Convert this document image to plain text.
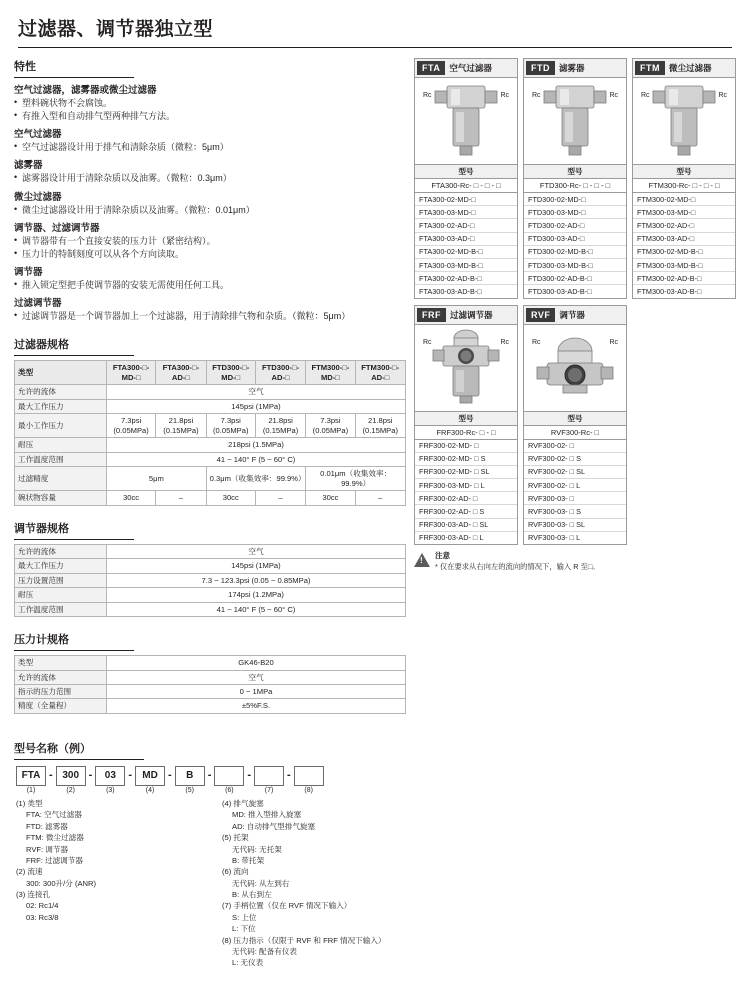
过滤器、调节器独立型
特性
空气过滤器，滤雾器或微尘过滤器
• 塑料碗状物不会腐蚀。
• 有推入型和自动排气型两种排气方法。
空气过滤器
• 空气过滤器设计用于排气和清除杂质（微粒：5μm）
滤雾器
• 滤雾器设计用于清除杂质以及油雾。（微粒：0.3μm）
微尘过滤器
• 微尘过滤器设计用于清除杂质以及油雾。（微粒：0.01μm）
调节器、过滤调节器
• 调节器带有一个直接安装的压力计（紧密结构）。
• 压力计的特制刻度可以从各个方向读取。
调节器
• 推入锁定型把手使调节器的安装无需使用任何工具。
过滤调节器
• 过滤调节器是一个调节器加上一个过滤器，用于清除排气物和杂质。（微粒：5μm）
过滤器规格
类型	FTA300-□-MD-□	FTA300-□-AD-□	FTD300-□-MD-□	FTD300-□-AD-□	FTM300-□-MD-□	FTM300-□-AD-□
允许的流体	空气					
最大工作压力	145psi (1MPa)					
最小工作压力	7.3psi (0.05MPa)	21.8psi (0.15MPa)	7.3psi (0.05MPa)	21.8psi (0.15MPa)	7.3psi (0.05MPa)	21.8psi (0.15MPa)
耐压	218psi (1.5MPa)					
工作温度范围	41 ~ 140° F (5 ~ 60° C)					
过滤精度	5μm		0.3μm（收集效率：99.9%）		0.01μm（收集效率：99.9%）	
碗状物容量	30cc	–	30cc	–	30cc	–
调节器规格
允许的流体	空气
最大工作压力	145psi (1MPa)
压力设置范围	7.3 ~ 123.3psi (0.05 ~ 0.85MPa)
耐压	174psi (1.2MPa)
工作温度范围	41 ~ 140° F (5 ~ 60° C)
压力计规格
类型	GK46-B20
允许的流体	空气
指示的压力范围	0 ~ 1MPa
精度（全量程）	±5%F.S.
FTA	空气过滤器
Rc	Rc
型号
FTA300-Rc- □ - □ - □
FTA300-02-MD-□
FTA300-03-MD-□
FTA300-02-AD-□
FTA300-03-AD-□
FTA300-02-MD-B-□
FTA300-03-MD-B-□
FTA300-02-AD-B-□
FTA300-03-AD-B-□
FTD	滤雾器
Rc	Rc
型号
FTD300-Rc- □ - □ - □
FTD300-02-MD-□
FTD300-03-MD-□
FTD300-02-AD-□
FTD300-03-AD-□
FTD300-02-MD-B-□
FTD300-03-MD-B-□
FTD300-02-AD-B-□
FTD300-03-AD-B-□
FTM	微尘过滤器
Rc	Rc
型号
FTM300-Rc- □ - □ - □
FTM300-02-MD-□
FTM300-03-MD-□
FTM300-02-AD-□
FTM300-03-AD-□
FTM300-02-MD-B-□
FTM300-03-MD-B-□
FTM300-02-AD-B-□
FTM300-03-AD-B-□
FRF	过滤调节器
Rc	Rc
型号
FRF300-Rc- □ - □
FRF300-02-MD- □
FRF300-02-MD- □ S
FRF300-02-MD- □ SL
FRF300-03-MD- □ L
FRF300-02-AD- □
FRF300-02-AD- □ S
FRF300-03-AD- □ SL
FRF300-03-AD- □ L
RVF	调节器
Rc	Rc
型号
RVF300-Rc- □
RVF300-02- □
RVF300-02- □ S
RVF300-02- □ SL
RVF300-02- □ L
RVF300-03- □
RVF300-03- □ S
RVF300-03- □ SL
RVF300-03- □ L
!
注意
* 仅在要求从右向左的流向的情况下，输入 R 至□。
型号名称（例）
FTA
(1)
- 300
(2)
-	03
(3)
-	MD
(4)
-	B
(5)
-
(6)
-
(7)
-
(8)
(1) 类型
FTA: 空气过滤器
FTD: 滤雾器
FTM: 微尘过滤器
RVF: 调节器
FRF: 过滤调节器
(2) 流速
300: 300升/分 (ANR)
(3) 连接孔
02: Rc1/4
03: Rc3/8
(4) 排气旋塞
MD: 推入型排入旋塞
AD: 自动排气型排气旋塞
(5) 托架
无代码: 无托架
B: 带托架
(6) 流向
无代码: 从左到右
B: 从右到左
(7) 手柄位置（仅在 RVF 情况下输入）
S: 上位
L: 下位
(8) 压力指示（仅限于 RVF 和 FRF 情况下输入）
无代码: 配备有仪表
L: 无仪表
